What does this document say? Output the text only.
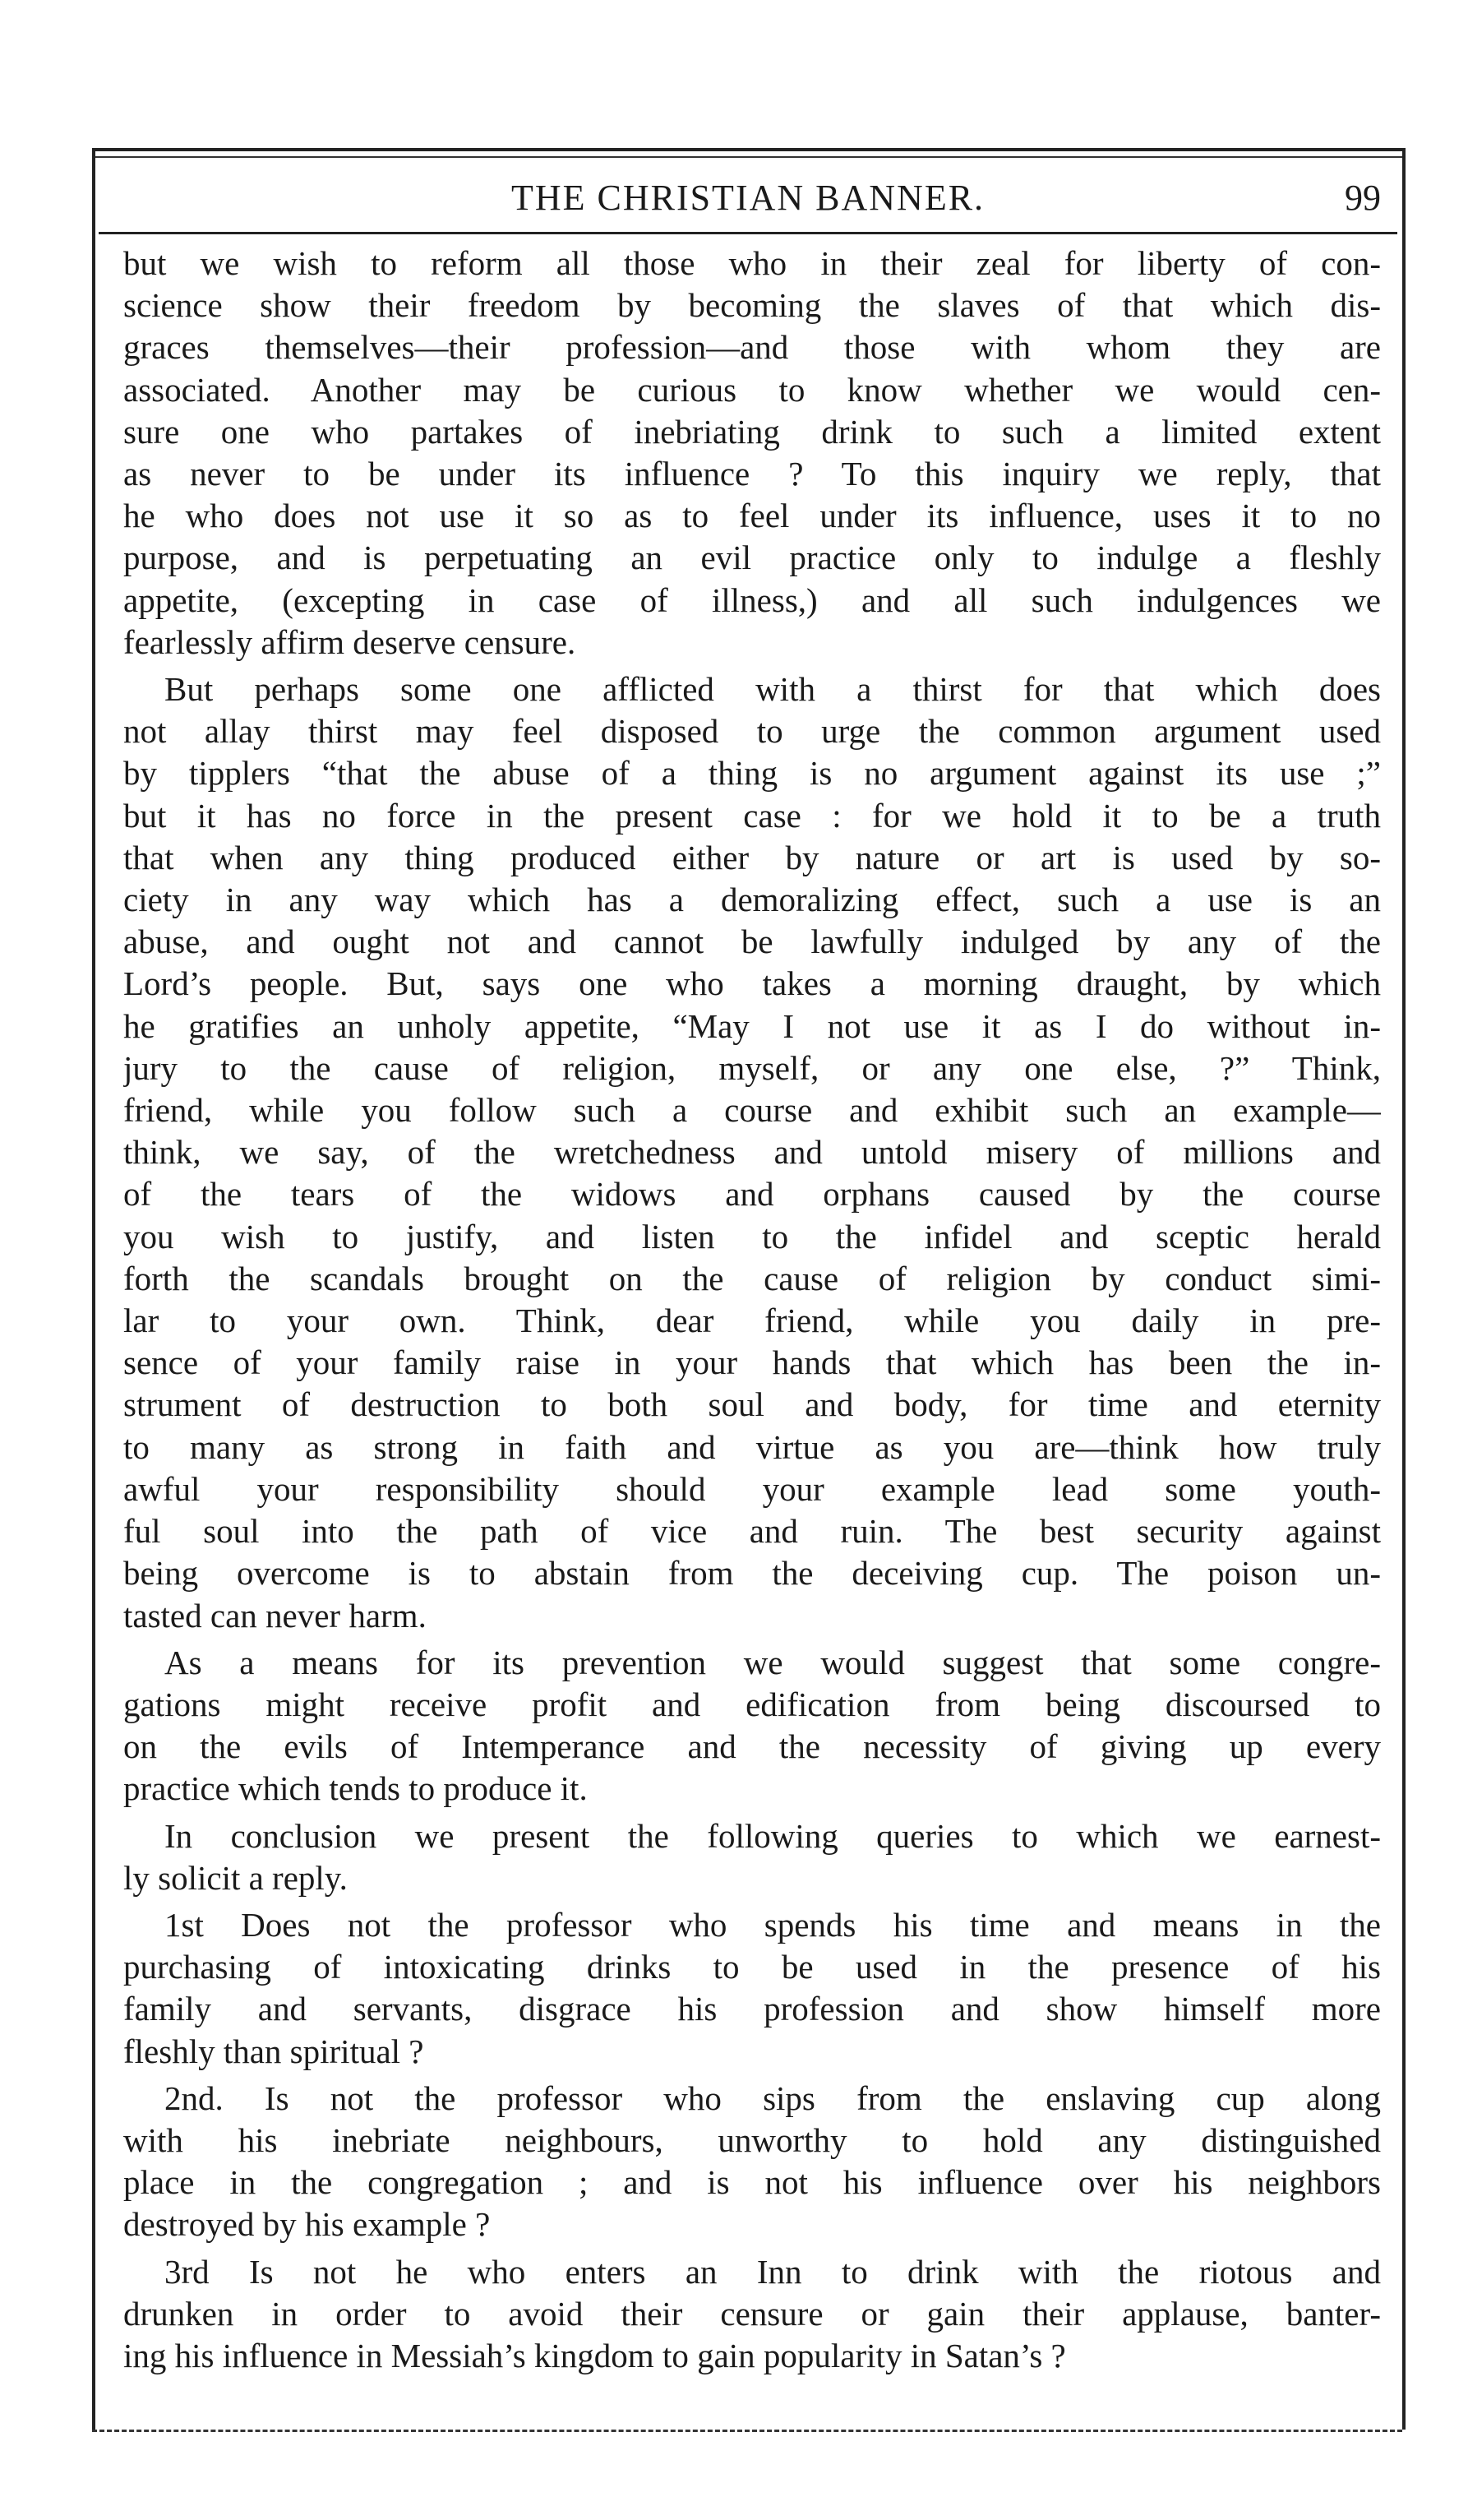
THE CHRISTIAN BANNER.	99
but we wish to reform all those who in their zeal for liberty of con-
science show their freedom by becoming the slaves of that which dis-
graces themselves—their profession—and those with whom they are
associated. Another may be curious to know whether we would cen-
sure one who partakes of inebriating drink to such a limited extent
as never to be under its influence ? To this inquiry we reply, that
he who does not use it so as to feel under its influence, uses it to no
purpose, and is perpetuating an evil practice only to indulge a fleshly
appetite, (excepting in case of illness,) and all such indulgences we
fearlessly affirm deserve censure.
But perhaps some one afflicted with a thirst for that which does
not allay thirst may feel disposed to urge the common argument used
by tipplers “that the abuse of a thing is no argument against its use ;”
but it has no force in the present case : for we hold it to be a truth
that when any thing produced either by nature or art is used by so-
ciety in any way which has a demoralizing effect, such a use is an
abuse, and ought not and cannot be lawfully indulged by any of the
Lord’s people. But, says one who takes a morning draught, by which
he gratifies an unholy appetite, “May I not use it as I do without in-
jury to the cause of religion, myself, or any one else, ?” Think,
friend, while you follow such a course and exhibit such an example—
think, we say, of the wretchedness and untold misery of millions and
of the tears of the widows and orphans caused by the course
you wish to justify, and listen to the infidel and sceptic herald
forth the scandals brought on the cause of religion by conduct simi-
lar to your own. Think, dear friend, while you daily in pre-
sence of your family raise in your hands that which has been the in-
strument of destruction to both soul and body, for time and eternity
to many as strong in faith and virtue as you are—think how truly
awful your responsibility should your example lead some youth-
ful soul into the path of vice and ruin. The best security against
being overcome is to abstain from the deceiving cup. The poison un-
tasted can never harm.
As a means for its prevention we would suggest that some congre-
gations might receive profit and edification from being discoursed to
on the evils of Intemperance and the necessity of giving up every
practice which tends to produce it.
In conclusion we present the following queries to which we earnest-
ly solicit a reply.
1st Does not the professor who spends his time and means in the
purchasing of intoxicating drinks to be used in the presence of his
family and servants, disgrace his profession and show himself more
fleshly than spiritual ?
2nd. Is not the professor who sips from the enslaving cup along
with his inebriate neighbours, unworthy to hold any distinguished
place in the congregation ; and is not his influence over his neighbors
destroyed by his example ?
3rd Is not he who enters an Inn to drink with the riotous and
drunken in order to avoid their censure or gain their applause, banter-
ing his influence in Messiah’s kingdom to gain popularity in Satan’s ?
